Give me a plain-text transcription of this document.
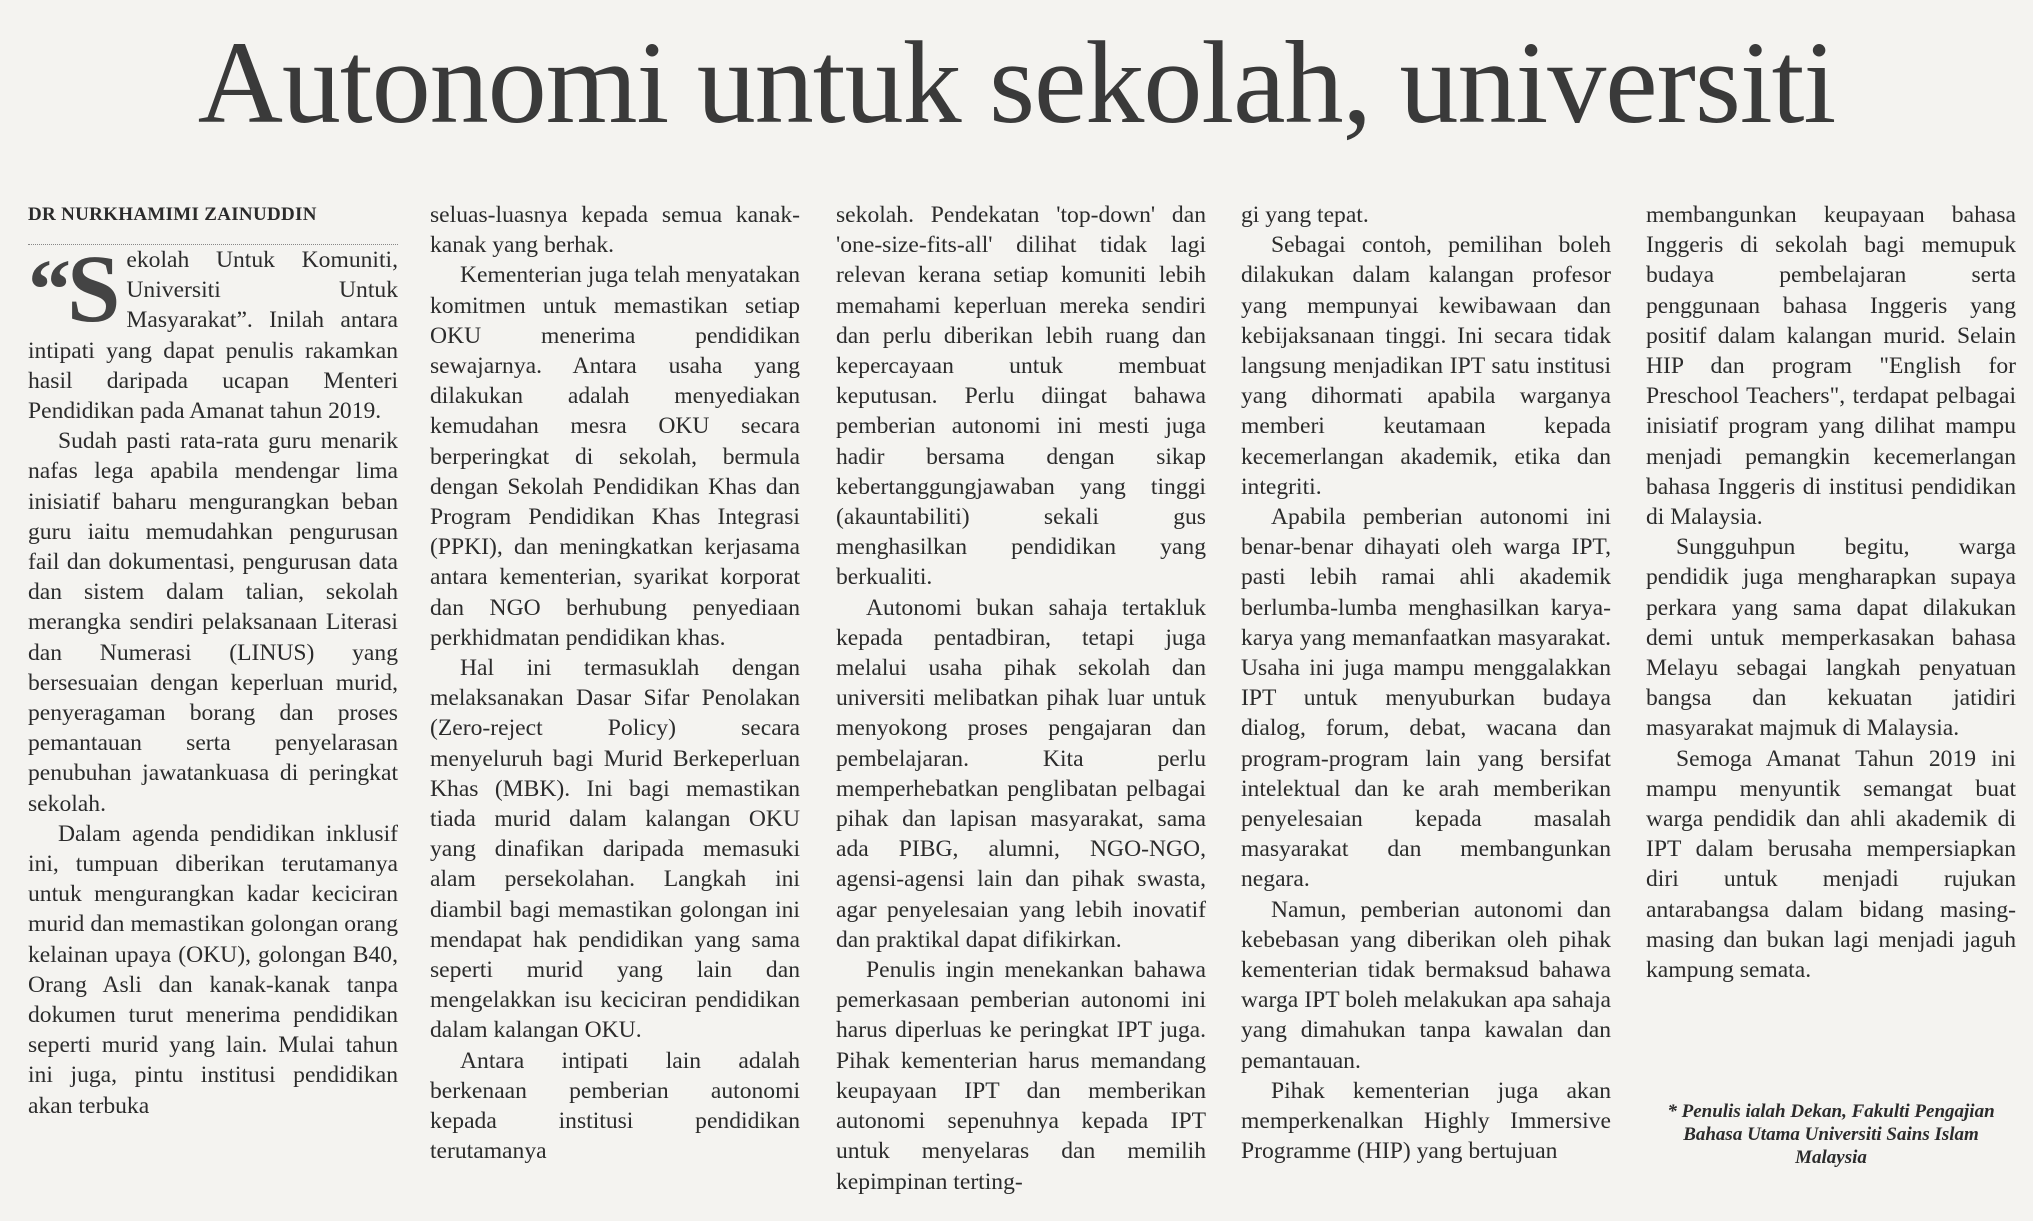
Autonomi untuk sekolah, universiti

DR NURKHAMIMI ZAINUDDIN

“S ekolah Untuk Komuniti, Universiti Untuk Masyarakat”. Inilah antara intipati yang dapat penulis rakamkan hasil daripada ucapan Menteri Pendidikan pada Amanat tahun 2019.

Sudah pasti rata-rata guru menarik nafas lega apabila mendengar lima inisiatif baharu mengurangkan beban guru iaitu memudahkan pengurusan fail dan dokumentasi, pengurusan data dan sistem dalam talian, sekolah merangka sendiri pelaksanaan Literasi dan Numerasi (LINUS) yang bersesuaian dengan keperluan murid, penyeragaman borang dan proses pemantauan serta penyelarasan penubuhan jawatankuasa di peringkat sekolah.

Dalam agenda pendidikan inklusif ini, tumpuan diberikan terutamanya untuk mengurangkan kadar keciciran murid dan memastikan golongan orang kelainan upaya (OKU), golongan B40, Orang Asli dan kanak-kanak tanpa dokumen turut menerima pendidikan seperti murid yang lain. Mulai tahun ini juga, pintu institusi pendidikan akan terbuka

seluas-luasnya kepada semua kanak-kanak yang berhak.

Kementerian juga telah menyatakan komitmen untuk memastikan setiap OKU menerima pendidikan sewajarnya. Antara usaha yang dilakukan adalah menyediakan kemudahan mesra OKU secara berperingkat di sekolah, bermula dengan Sekolah Pendidikan Khas dan Program Pendidikan Khas Integrasi (PPKI), dan meningkatkan kerjasama antara kementerian, syarikat korporat dan NGO berhubung penyediaan perkhidmatan pendidikan khas.

Hal ini termasuklah dengan melaksanakan Dasar Sifar Penolakan (Zero-reject Policy) secara menyeluruh bagi Murid Berkeperluan Khas (MBK). Ini bagi memastikan tiada murid dalam kalangan OKU yang dinafikan daripada memasuki alam persekolahan. Langkah ini diambil bagi memastikan golongan ini mendapat hak pendidikan yang sama seperti murid yang lain dan mengelakkan isu keciciran pendidikan dalam kalangan OKU.

Antara intipati lain adalah berkenaan pemberian autonomi kepada institusi pendidikan terutamanya

sekolah. Pendekatan 'top-down' dan 'one-size-fits-all' dilihat tidak lagi relevan kerana setiap komuniti lebih memahami keperluan mereka sendiri dan perlu diberikan lebih ruang dan kepercayaan untuk membuat keputusan. Perlu diingat bahawa pemberian autonomi ini mesti juga hadir bersama dengan sikap kebertanggungjawaban yang tinggi (akauntabiliti) sekali gus menghasilkan pendidikan yang berkualiti.

Autonomi bukan sahaja tertakluk kepada pentadbiran, tetapi juga melalui usaha pihak sekolah dan universiti melibatkan pihak luar untuk menyokong proses pengajaran dan pembelajaran. Kita perlu memperhebatkan penglibatan pelbagai pihak dan lapisan masyarakat, sama ada PIBG, alumni, NGO-NGO, agensi-agensi lain dan pihak swasta, agar penyelesaian yang lebih inovatif dan praktikal dapat difikirkan.

Penulis ingin menekankan bahawa pemerkasaan pemberian autonomi ini harus diperluas ke peringkat IPT juga. Pihak kementerian harus memandang keupayaan IPT dan memberikan autonomi sepenuhnya kepada IPT untuk menyelaras dan memilih kepimpinan terting-

gi yang tepat.

Sebagai contoh, pemilihan boleh dilakukan dalam kalangan profesor yang mempunyai kewibawaan dan kebijaksanaan tinggi. Ini secara tidak langsung menjadikan IPT satu institusi yang dihormati apabila warganya memberi keutamaan kepada kecemerlangan akademik, etika dan integriti.

Apabila pemberian autonomi ini benar-benar dihayati oleh warga IPT, pasti lebih ramai ahli akademik berlumba-lumba menghasilkan karya-karya yang memanfaatkan masyarakat. Usaha ini juga mampu menggalakkan IPT untuk menyuburkan budaya dialog, forum, debat, wacana dan program-program lain yang bersifat intelektual dan ke arah memberikan penyelesaian kepada masalah masyarakat dan membangunkan negara.

Namun, pemberian autonomi dan kebebasan yang diberikan oleh pihak kementerian tidak bermaksud bahawa warga IPT boleh melakukan apa sahaja yang dimahukan tanpa kawalan dan pemantauan.

Pihak kementerian juga akan memperkenalkan Highly Immersive Programme (HIP) yang bertujuan

membangunkan keupayaan bahasa Inggeris di sekolah bagi memupuk budaya pembelajaran serta penggunaan bahasa Inggeris yang positif dalam kalangan murid. Selain HIP dan program "English for Preschool Teachers", terdapat pelbagai inisiatif program yang dilihat mampu menjadi pemangkin kecemerlangan bahasa Inggeris di institusi pendidikan di Malaysia.

Sungguhpun begitu, warga pendidik juga mengharapkan supaya perkara yang sama dapat dilakukan demi untuk memperkasakan bahasa Melayu sebagai langkah penyatuan bangsa dan kekuatan jatidiri masyarakat majmuk di Malaysia.

Semoga Amanat Tahun 2019 ini mampu menyuntik semangat buat warga pendidik dan ahli akademik di IPT dalam berusaha mempersiapkan diri untuk menjadi rujukan antarabangsa dalam bidang masing-masing dan bukan lagi menjadi jaguh kampung semata.

* Penulis ialah Dekan, Fakulti Pengajian Bahasa Utama Universiti Sains Islam Malaysia
